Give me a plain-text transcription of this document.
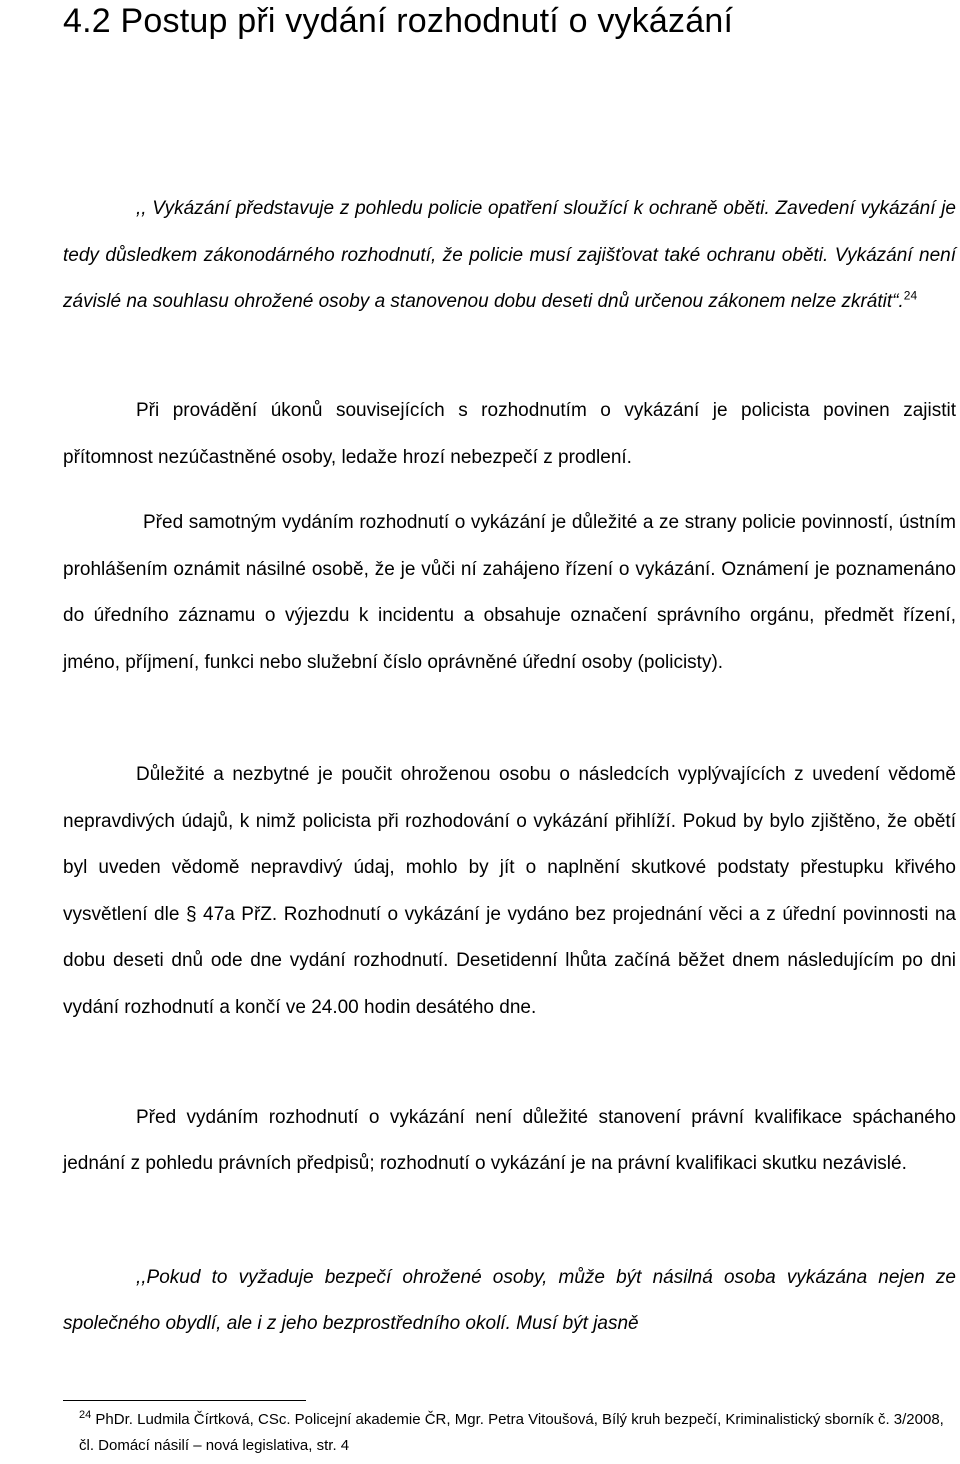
4.2 Postup při vydání rozhodnutí o vykázání

,, Vykázání představuje z pohledu policie opatření sloužící k ochraně oběti. Zavedení vykázání je tedy důsledkem zákonodárného rozhodnutí, že policie musí zajišťovat také ochranu oběti. Vykázání není závislé na souhlasu ohrožené osoby a stanovenou dobu deseti dnů určenou zákonem nelze zkrátit“.$^{24}$

Při provádění úkonů souvisejících s rozhodnutím o vykázání je policista povinen zajistit přítomnost nezúčastněné osoby, ledaže hrozí nebezpečí z prodlení.

Před samotným vydáním rozhodnutí o vykázání je důležité a ze strany policie povinností, ústním prohlášením oznámit násilné osobě, že je vůči ní zahájeno řízení o vykázání. Oznámení je poznamenáno do úředního záznamu o výjezdu k incidentu a obsahuje označení správního orgánu, předmět řízení, jméno, příjmení, funkci nebo služební číslo oprávněné úřední osoby (policisty).

Důležité a nezbytné je poučit ohroženou osobu o následcích vyplývajících z uvedení vědomě nepravdivých údajů, k nimž policista při rozhodování o vykázání přihlíží. Pokud by bylo zjištěno, že obětí byl uveden vědomě nepravdivý údaj, mohlo by jít o naplnění skutkové podstaty přestupku křivého vysvětlení dle § 47a PřZ. Rozhodnutí o vykázání je vydáno bez projednání věci a z úřední povinnosti na dobu deseti dnů ode dne vydání rozhodnutí. Desetidenní lhůta začíná běžet dnem následujícím po dni vydání rozhodnutí a končí ve 24.00 hodin desátého dne.

Před vydáním rozhodnutí o vykázání není důležité stanovení právní kvalifikace spáchaného jednání z pohledu právních předpisů; rozhodnutí o vykázání je na právní kvalifikaci skutku nezávislé.

,,Pokud to vyžaduje bezpečí ohrožené osoby, může být násilná osoba vykázána nejen ze společného obydlí, ale i z jeho bezprostředního okolí. Musí být jasně

$^{24}$ PhDr. Ludmila Čírtková, CSc. Policejní akademie ČR, Mgr. Petra Vitoušová, Bílý kruh bezpečí, Kriminalistický sborník č. 3/2008, čl. Domácí násilí – nová legislativa, str. 4
